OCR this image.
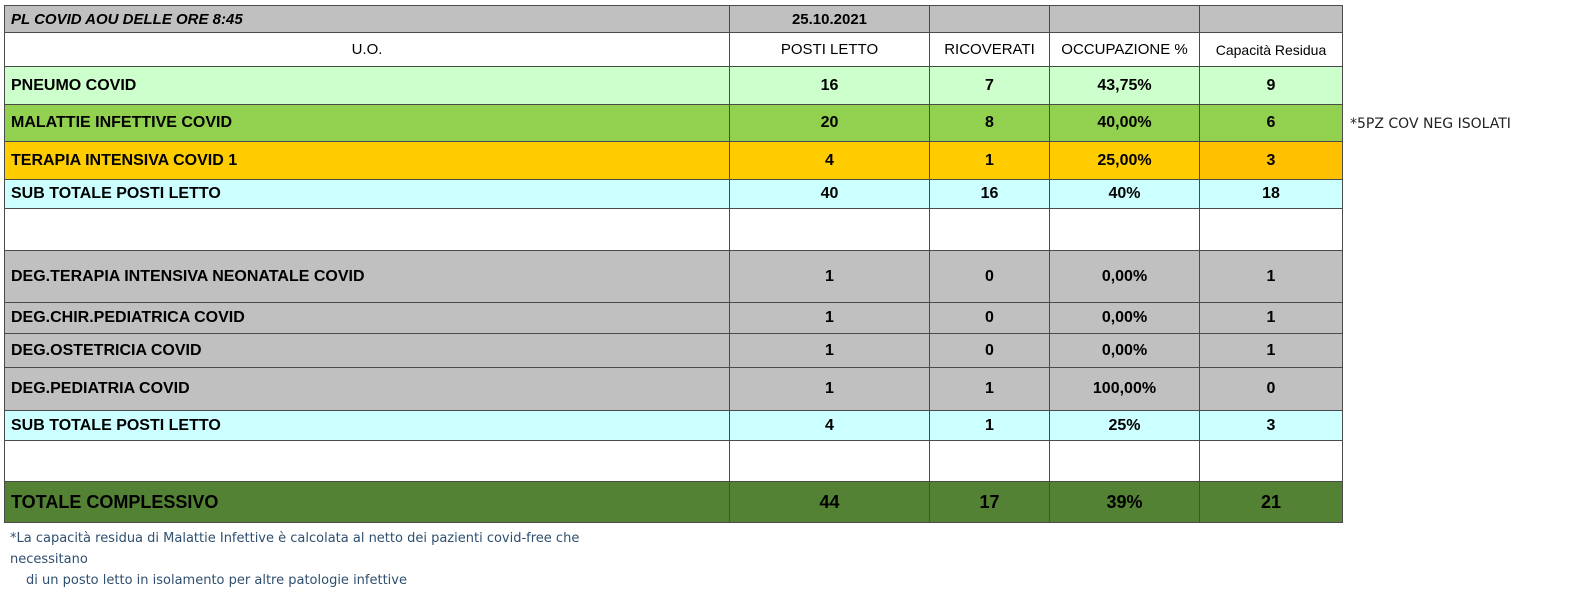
PL COVID AOU DELLE ORE 8:45	25.10.2021			
U.O.	POSTI LETTO	RICOVERATI	OCCUPAZIONE %	Capacità Residua
PNEUMO COVID	16	7	43,75%	9
MALATTIE INFETTIVE COVID	20	8	40,00%	6
TERAPIA INTENSIVA COVID 1	4	1	25,00%	3
SUB TOTALE POSTI LETTO	40	16	40%	18

DEG.TERAPIA INTENSIVA NEONATALE COVID	1	0	0,00%	1
DEG.CHIR.PEDIATRICA COVID	1	0	0,00%	1
DEG.OSTETRICIA COVID	1	0	0,00%	1
DEG.PEDIATRIA COVID	1	1	100,00%	0
SUB TOTALE POSTI LETTO	4	1	25%	3

TOTALE COMPLESSIVO	44	17	39%	21
*5PZ COV NEG ISOLATI
*La capacità residua di Malattie Infettive è calcolata al netto dei pazienti covid-free che
necessitano
di un posto letto in isolamento per altre patologie infettive
